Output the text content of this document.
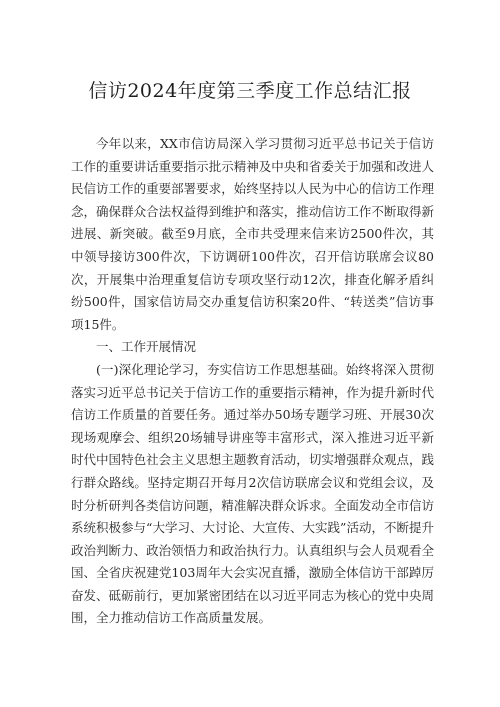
信访2024年度第三季度工作总结汇报

今年以来，XX市信访局深入学习贯彻习近平总书记关于信访工作的重要讲话重要指示批示精神及中央和省委关于加强和改进人民信访工作的重要部署要求，始终坚持以人民为中心的信访工作理念，确保群众合法权益得到维护和落实，推动信访工作不断取得新进展、新突破。截至9月底，全市共受理来信来访2500件次，其中领导接访300件次，下访调研100件次，召开信访联席会议80次，开展集中治理重复信访专项攻坚行动12次，排查化解矛盾纠纷500件，国家信访局交办重复信访积案20件、“转送类”信访事项15件。

一、工作开展情况

(一)深化理论学习，夯实信访工作思想基础。始终将深入贯彻落实习近平总书记关于信访工作的重要指示精神，作为提升新时代信访工作质量的首要任务。通过举办50场专题学习班、开展30次现场观摩会、组织20场辅导讲座等丰富形式，深入推进习近平新时代中国特色社会主义思想主题教育活动，切实增强群众观点，践行群众路线。坚持定期召开每月2次信访联席会议和党组会议，及时分析研判各类信访问题，精准解决群众诉求。全面发动全市信访系统积极参与“大学习、大讨论、大宣传、大实践”活动，不断提升政治判断力、政治领悟力和政治执行力。认真组织与会人员观看全国、全省庆祝建党103周年大会实况直播，激励全体信访干部踔厉奋发、砥砺前行，更加紧密团结在以习近平同志为核心的党中央周围，全力推动信访工作高质量发展。
